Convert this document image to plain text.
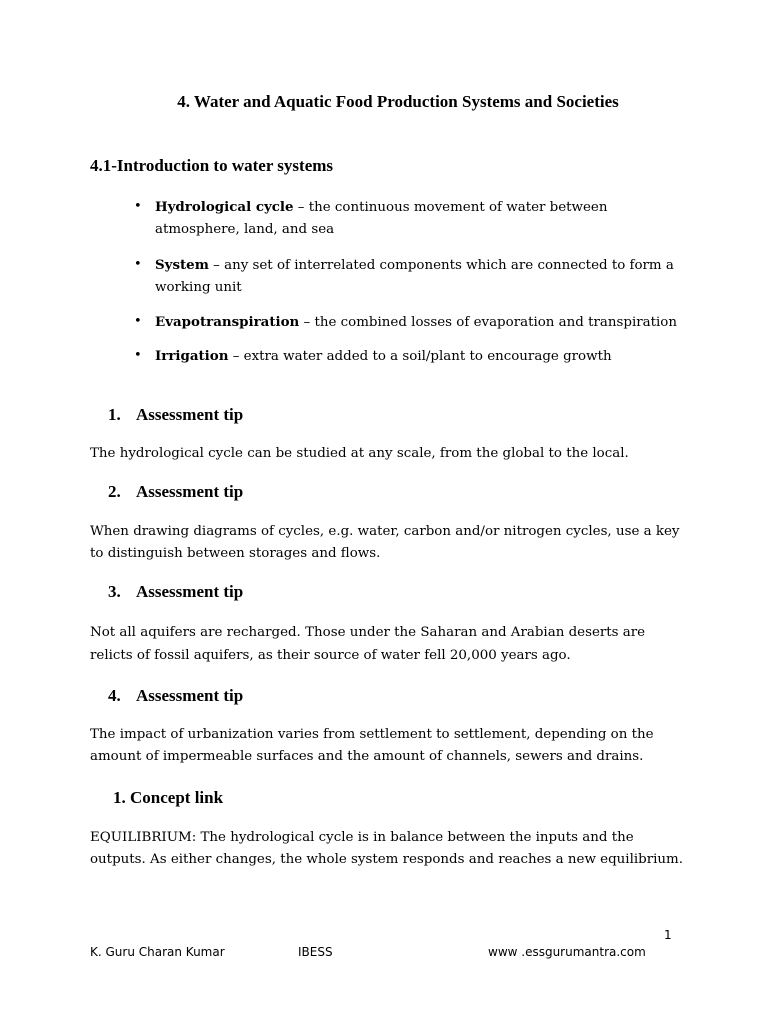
4. Water and Aquatic Food Production Systems and Societies
4.1-Introduction to water systems
• Hydrological cycle – the continuous movement of water between atmosphere, land, and sea
• System – any set of interrelated components which are connected to form a working unit
• Evapotranspiration – the combined losses of evaporation and transpiration
• Irrigation – extra water added to a soil/plant to encourage growth
1. Assessment tip
The hydrological cycle can be studied at any scale, from the global to the local.
2. Assessment tip
When drawing diagrams of cycles, e.g. water, carbon and/or nitrogen cycles, use a key to distinguish between storages and flows.
3. Assessment tip
Not all aquifers are recharged. Those under the Saharan and Arabian deserts are relicts of fossil aquifers, as their source of water fell 20,000 years ago.
4. Assessment tip
The impact of urbanization varies from settlement to settlement, depending on the amount of impermeable surfaces and the amount of channels, sewers and drains.
1. Concept link
EQUILIBRIUM: The hydrological cycle is in balance between the inputs and the outputs. As either changes, the whole system responds and reaches a new equilibrium.
1
K. Guru Charan Kumar	IBESS	www .essgurumantra.com
